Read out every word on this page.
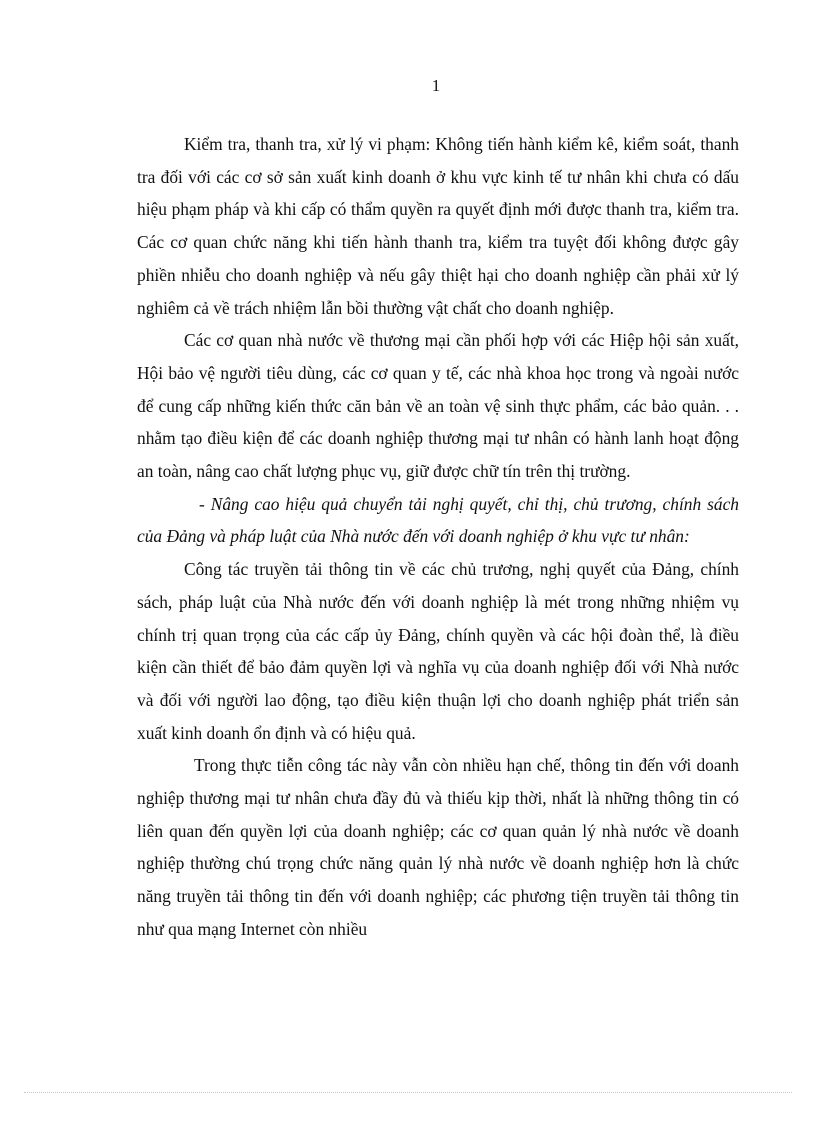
1

Kiểm tra, thanh tra, xử lý vi phạm: Không tiến hành kiểm kê, kiểm soát, thanh tra đối với các cơ sở sản xuất kinh doanh ở khu vực kinh tế tư nhân khi chưa có dấu hiệu phạm pháp và khi cấp có thẩm quyền ra quyết định mới được thanh tra, kiểm tra. Các cơ quan chức năng khi tiến hành thanh tra, kiểm tra tuyệt đối không được gây phiền nhiễu cho doanh nghiệp và nếu gây thiệt hại cho doanh nghiệp cần phải xử lý nghiêm cả về trách nhiệm lẫn bồi thường vật chất cho doanh nghiệp.

Các cơ quan nhà nước về thương mại cần phối hợp với các Hiệp hội sản xuất, Hội bảo vệ người tiêu dùng, các cơ quan y tế, các nhà khoa học trong và ngoài nước để cung cấp những kiến thức căn bản về an toàn vệ sinh thực phẩm, các bảo quản. . . nhằm tạo điều kiện để các doanh nghiệp thương mại tư nhân có hành lanh hoạt động an toàn, nâng cao chất lượng phục vụ, giữ được chữ tín trên thị trường.

- Nâng cao hiệu quả chuyển tải nghị quyết, chỉ thị, chủ trương, chính sách của Đảng và pháp luật của Nhà nước đến với doanh nghiệp ở khu vực tư nhân:

Công tác truyền tải thông tin về các chủ trương, nghị quyết của Đảng, chính sách, pháp luật của Nhà nước đến với doanh nghiệp là mét trong những nhiệm vụ chính trị quan trọng của các cấp ủy Đảng, chính quyền và các hội đoàn thể, là điều kiện cần thiết để bảo đảm quyền lợi và nghĩa vụ của doanh nghiệp đối với Nhà nước và đối với người lao động, tạo điều kiện thuận lợi cho doanh nghiệp phát triển sản xuất kinh doanh ổn định và có hiệu quả.

Trong thực tiễn công tác này vẫn còn nhiều hạn chế, thông tin đến với doanh nghiệp thương mại tư nhân chưa đầy đủ và thiếu kịp thời, nhất là những thông tin có liên quan đến quyền lợi của doanh nghiệp; các cơ quan quản lý nhà nước về doanh nghiệp thường chú trọng chức năng quản lý nhà nước về doanh nghiệp hơn là chức năng truyền tải thông tin đến với doanh nghiệp; các phương tiện truyền tải thông tin như qua mạng Internet còn nhiều
